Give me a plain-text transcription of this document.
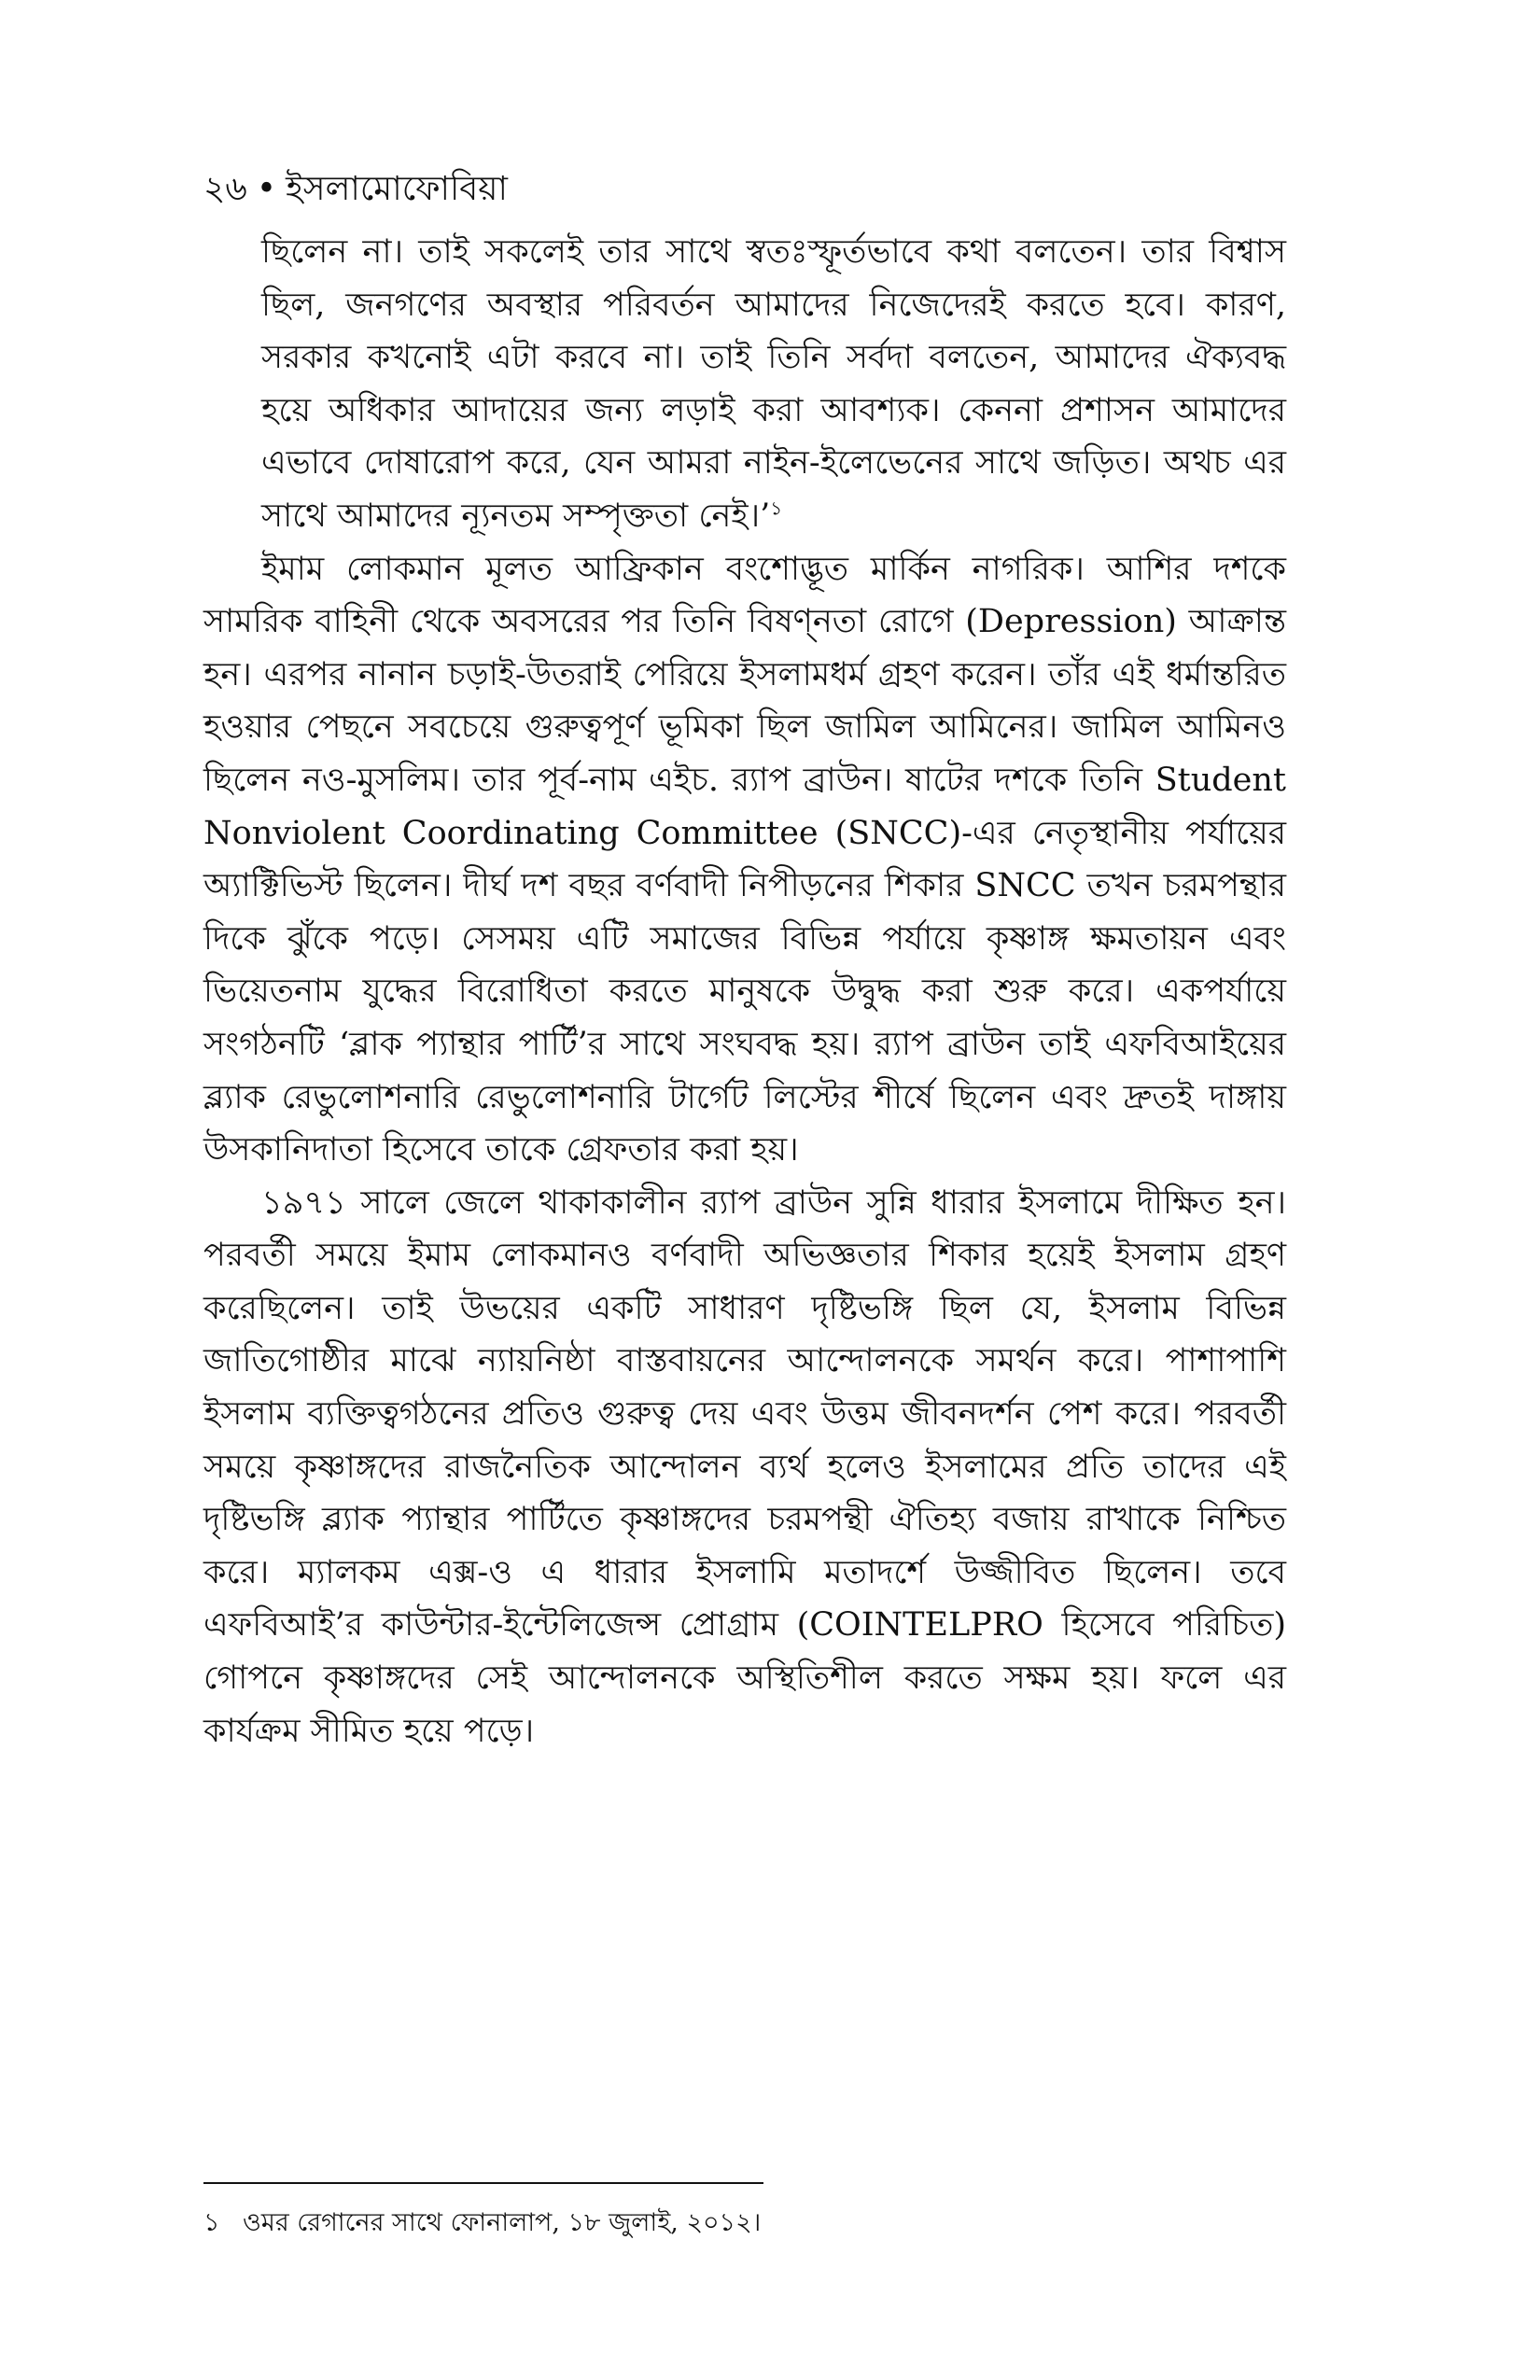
২৬ • ইসলামোফোবিয়া

ছিলেন না। তাই সকলেই তার সাথে স্বতঃস্ফূর্তভাবে কথা বলতেন। তার বিশ্বাস ছিল, জনগণের অবস্থার পরিবর্তন আমাদের নিজেদেরই করতে হবে। কারণ, সরকার কখনোই এটা করবে না। তাই তিনি সর্বদা বলতেন, আমাদের ঐক্যবদ্ধ হয়ে অধিকার আদায়ের জন্য লড়াই করা আবশ্যক। কেননা প্রশাসন আমাদের এভাবে দোষারোপ করে, যেন আমরা নাইন-ইলেভেনের সাথে জড়িত। অথচ এর সাথে আমাদের ন্যূনতম সম্পৃক্ততা নেই।’$^১$

ইমাম লোকমান মূলত আফ্রিকান বংশোদ্ভূত মার্কিন নাগরিক। আশির দশকে সামরিক বাহিনী থেকে অবসরের পর তিনি বিষণ্নতা রোগে (Depression) আক্রান্ত হন। এরপর নানান চড়াই-উতরাই পেরিয়ে ইসলামধর্ম গ্রহণ করেন। তাঁর এই ধর্মান্তরিত হওয়ার পেছনে সবচেয়ে গুরুত্বপূর্ণ ভূমিকা ছিল জামিল আমিনের। জামিল আমিনও ছিলেন নও-মুসলিম। তার পূর্ব-নাম এইচ. র‍্যাপ ব্রাউন। ষাটের দশকে তিনি Student Nonviolent Coordinating Committee (SNCC)-এর নেতৃস্থানীয় পর্যায়ের অ্যাক্টিভিস্ট ছিলেন। দীর্ঘ দশ বছর বর্ণবাদী নিপীড়নের শিকার SNCC তখন চরমপন্থার দিকে ঝুঁকে পড়ে। সেসময় এটি সমাজের বিভিন্ন পর্যায়ে কৃষ্ণাঙ্গ ক্ষমতায়ন এবং ভিয়েতনাম যুদ্ধের বিরোধিতা করতে মানুষকে উদ্বুদ্ধ করা শুরু করে। একপর্যায়ে সংগঠনটি ‘ব্লাক প্যান্থার পার্টি’র সাথে সংঘবদ্ধ হয়। র‍্যাপ ব্রাউন তাই এফবিআইয়ের ব্ল্যাক রেভুলোশনারি রেভুলোশনারি টার্গেট লিস্টের শীর্ষে ছিলেন এবং দ্রুতই দাঙ্গায় উসকানিদাতা হিসেবে তাকে গ্রেফতার করা হয়।

১৯৭১ সালে জেলে থাকাকালীন র‍্যাপ ব্রাউন সুন্নি ধারার ইসলামে দীক্ষিত হন। পরবর্তী সময়ে ইমাম লোকমানও বর্ণবাদী অভিজ্ঞতার শিকার হয়েই ইসলাম গ্রহণ করেছিলেন। তাই উভয়ের একটি সাধারণ দৃষ্টিভঙ্গি ছিল যে, ইসলাম বিভিন্ন জাতিগোষ্ঠীর মাঝে ন্যায়নিষ্ঠা বাস্তবায়নের আন্দোলনকে সমর্থন করে। পাশাপাশি ইসলাম ব্যক্তিত্বগঠনের প্রতিও গুরুত্ব দেয় এবং উত্তম জীবনদর্শন পেশ করে। পরবর্তী সময়ে কৃষ্ণাঙ্গদের রাজনৈতিক আন্দোলন ব্যর্থ হলেও ইসলামের প্রতি তাদের এই দৃষ্টিভঙ্গি ব্ল্যাক প্যান্থার পার্টিতে কৃষ্ণাঙ্গদের চরমপন্থী ঐতিহ্য বজায় রাখাকে নিশ্চিত করে। ম্যালকম এক্স-ও এ ধারার ইসলামি মতাদর্শে উজ্জীবিত ছিলেন। তবে এফবিআই’র কাউন্টার-ইন্টেলিজেন্স প্রোগ্রাম (COINTELPRO হিসেবে পরিচিত) গোপনে কৃষ্ণাঙ্গদের সেই আন্দোলনকে অস্থিতিশীল করতে সক্ষম হয়। ফলে এর কার্যক্রম সীমিত হয়ে পড়ে।

১ ওমর রেগানের সাথে ফোনালাপ, ১৮ জুলাই, ২০১২।
